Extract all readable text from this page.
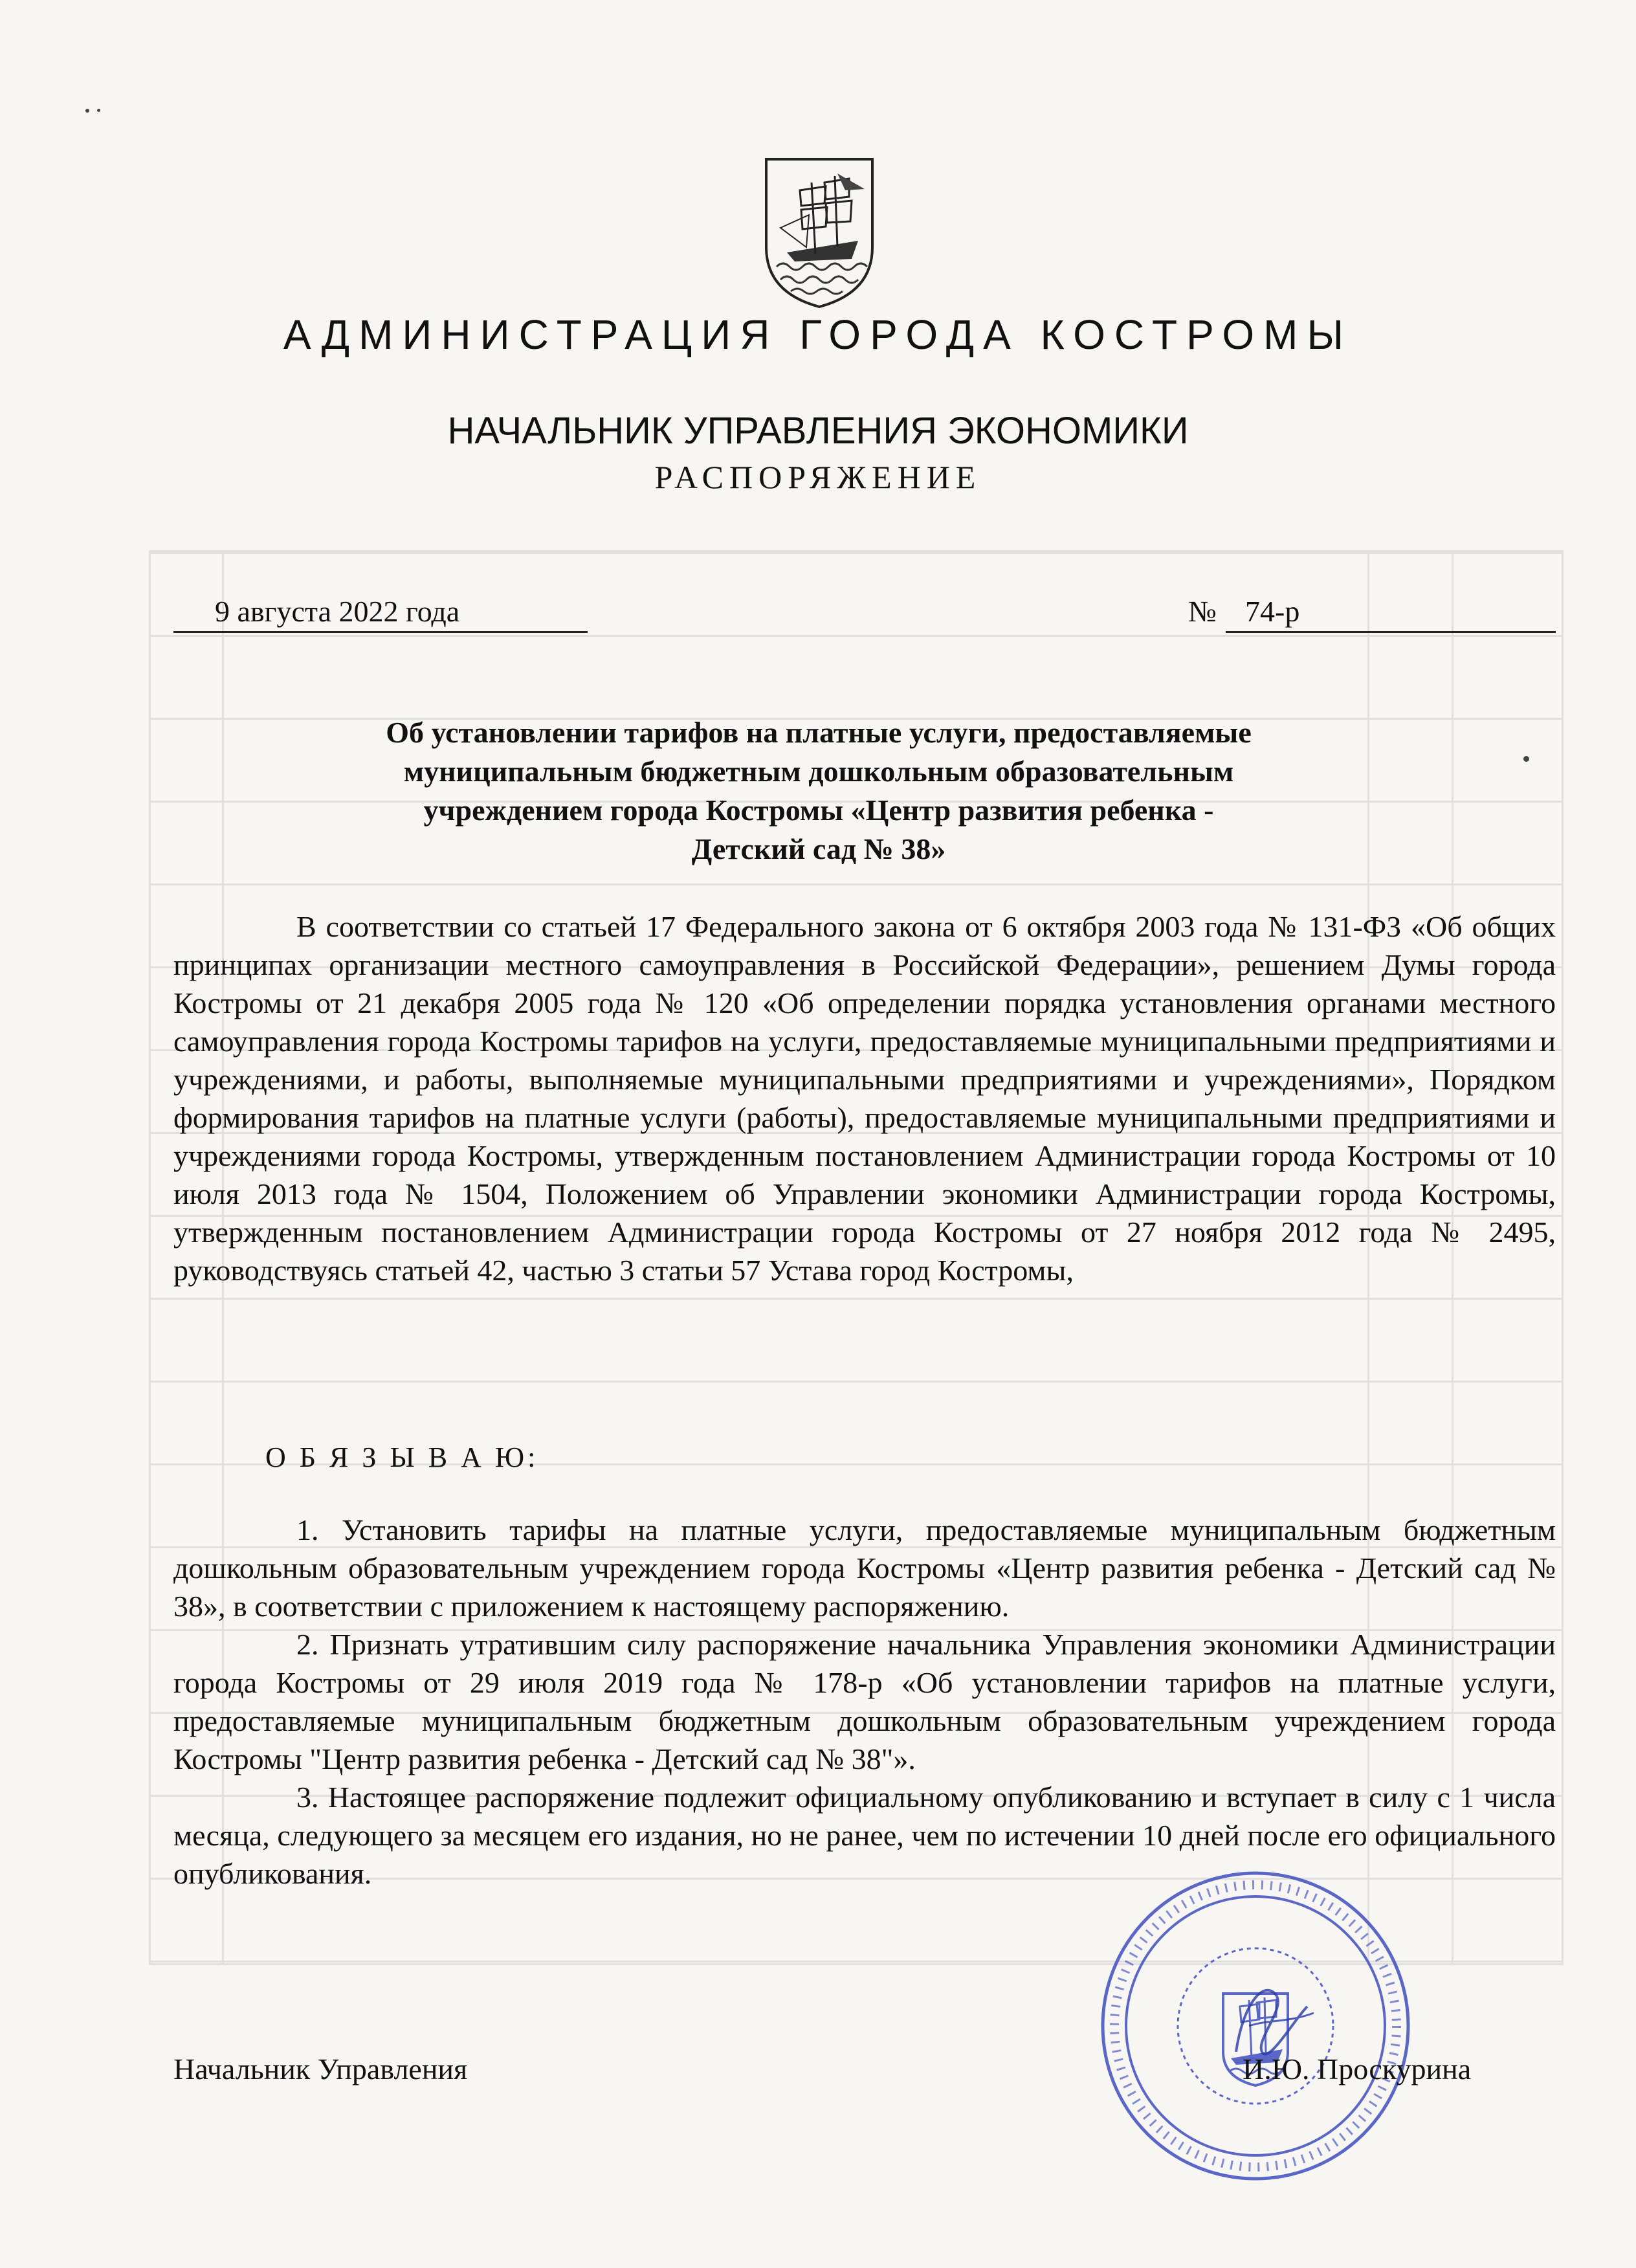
АДМИНИСТРАЦИЯ ГОРОДА КОСТРОМЫ
НАЧАЛЬНИК УПРАВЛЕНИЯ ЭКОНОМИКИ
РАСПОРЯЖЕНИЕ
9 августа 2022 года	№ 74-р
Об установлении тарифов на платные услуги, предоставляемые
муниципальным бюджетным дошкольным образовательным
учреждением города Костромы «Центр развития ребенка -
Детский сад № 38»

В соответствии со статьей 17 Федерального закона от 6 октября 2003 года № 131-ФЗ «Об общих принципах организации местного самоуправления в Российской Федерации», решением Думы города Костромы от 21 декабря 2005 года № 120 «Об определении порядка установления органами местного самоуправления города Костромы тарифов на услуги, предоставляемые муниципальными предприятиями и учреждениями, и работы, выполняемые муниципальными предприятиями и учреждениями», Порядком формирования тарифов на платные услуги (работы), предоставляемые муниципальными предприятиями и учреждениями города Костромы, утвержденным постановлением Администрации города Костромы от 10 июля 2013 года № 1504, Положением об Управлении экономики Администрации города Костромы, утвержденным постановлением Администрации города Костромы от 27 ноября 2012 года № 2495, руководствуясь статьей 42, частью 3 статьи 57 Устава город Костромы,

О Б Я З Ы В А Ю:

1. Установить тарифы на платные услуги, предоставляемые муниципальным бюджетным дошкольным образовательным учреждением города Костромы «Центр развития ребенка - Детский сад № 38», в соответствии с приложением к настоящему распоряжению.

2. Признать утратившим силу распоряжение начальника Управления экономики Администрации города Костромы от 29 июля 2019 года № 178-р «Об установлении тарифов на платные услуги, предоставляемые муниципальным бюджетным дошкольным образовательным учреждением города Костромы "Центр развития ребенка - Детский сад № 38"».

3. Настоящее распоряжение подлежит официальному опубликованию и вступает в силу с 1 числа месяца, следующего за месяцем его издания, но не ранее, чем по истечении 10 дней после его официального опубликования.

Начальник Управления	И.Ю. Проскурина
